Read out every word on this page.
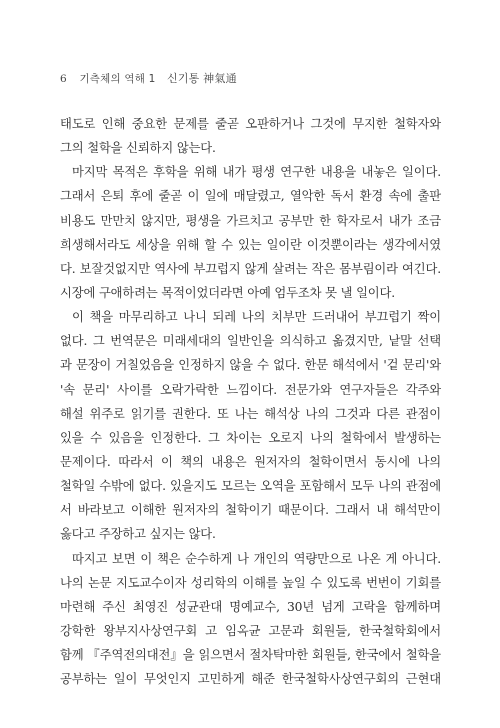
6 기측체의 역해 1 신기통 神氣通
태도로 인해 중요한 문제를 줄곧 오판하거나 그것에 무지한 철학자와
그의 철학을 신뢰하지 않는다.
마지막 목적은 후학을 위해 내가 평생 연구한 내용을 내놓은 일이다.
그래서 은퇴 후에 줄곧 이 일에 매달렸고, 열악한 독서 환경 속에 출판
비용도 만만치 않지만, 평생을 가르치고 공부만 한 학자로서 내가 조금
희생해서라도 세상을 위해 할 수 있는 일이란 이것뿐이라는 생각에서였
다. 보잘것없지만 역사에 부끄럽지 않게 살려는 작은 몸부림이라 여긴다.
시장에 구애하려는 목적이었더라면 아예 엄두조차 못 낼 일이다.
이 책을 마무리하고 나니 되레 나의 치부만 드러내어 부끄럽기 짝이
없다. 그 번역문은 미래세대의 일반인을 의식하고 옮겼지만, 낱말 선택
과 문장이 거칠었음을 인정하지 않을 수 없다. 한문 해석에서 '겉 문리'와
'속 문리' 사이를 오락가락한 느낌이다. 전문가와 연구자들은 각주와
해설 위주로 읽기를 권한다. 또 나는 해석상 나의 그것과 다른 관점이
있을 수 있음을 인정한다. 그 차이는 오로지 나의 철학에서 발생하는
문제이다. 따라서 이 책의 내용은 원저자의 철학이면서 동시에 나의
철학일 수밖에 없다. 있을지도 모르는 오역을 포함해서 모두 나의 관점에
서 바라보고 이해한 원저자의 철학이기 때문이다. 그래서 내 해석만이
옳다고 주장하고 싶지는 않다.
따지고 보면 이 책은 순수하게 나 개인의 역량만으로 나온 게 아니다.
나의 논문 지도교수이자 성리학의 이해를 높일 수 있도록 번번이 기회를
마련해 주신 최영진 성균관대 명예교수, 30년 넘게 고락을 함께하며
강학한 왕부지사상연구회 고 임옥균 고문과 회원들, 한국철학회에서
함께 『주역전의대전』을 읽으면서 절차탁마한 회원들, 한국에서 철학을
공부하는 일이 무엇인지 고민하게 해준 한국철학사상연구회의 근현대
